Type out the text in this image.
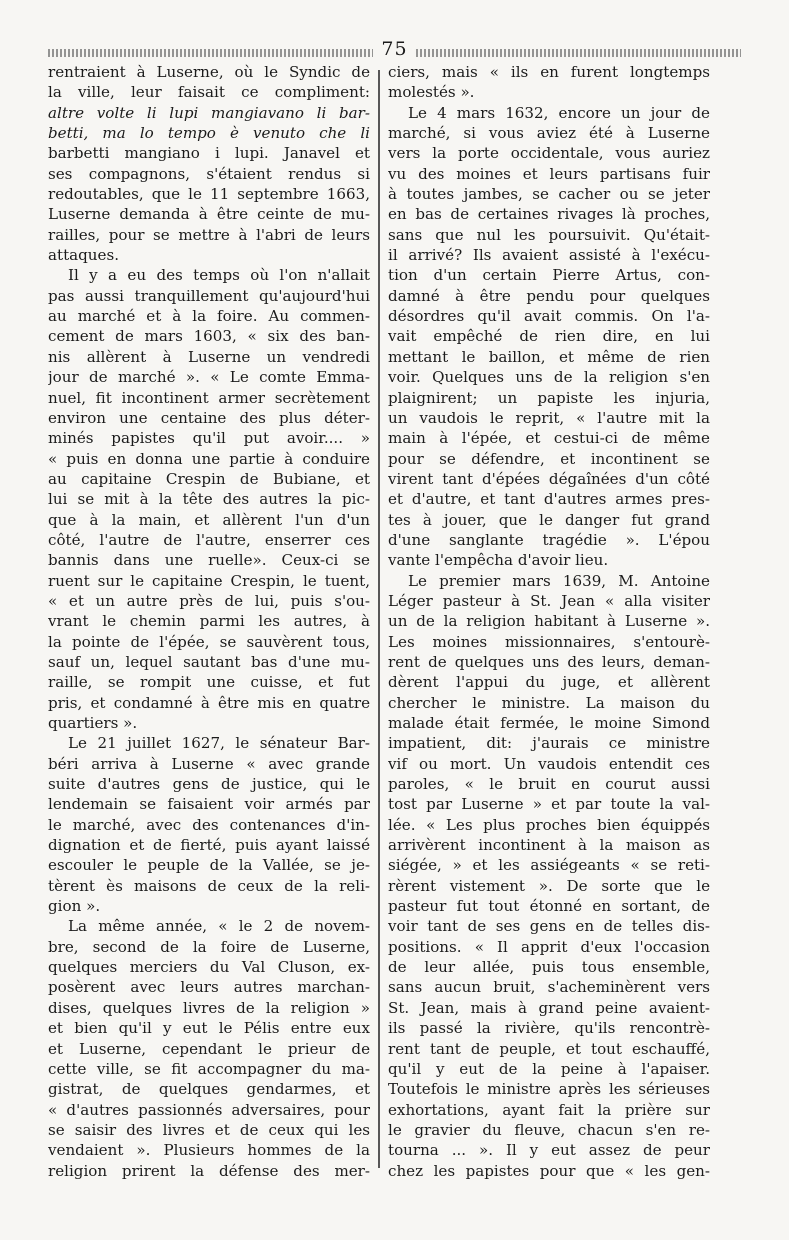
75
rentraient à Luserne, où le Syndic de
la ville, leur faisait ce compliment:
altre volte li lupi mangiavano li bar-
betti, ma lo tempo è venuto che li
barbetti mangiano i lupi. Janavel et
ses compagnons, s'étaient rendus si
redoutables, que le 11 septembre 1663,
Luserne demanda à être ceinte de mu-
railles, pour se mettre à l'abri de leurs
attaques.
Il y a eu des temps où l'on n'allait
pas aussi tranquillement qu'aujourd'hui
au marché et à la foire. Au commen-
cement de mars 1603, « six des ban-
nis allèrent à Luserne un vendredi
jour de marché ». « Le comte Emma-
nuel, fit incontinent armer secrètement
environ une centaine des plus déter-
minés papistes qu'il put avoir.... »
« puis en donna une partie à conduire
au capitaine Crespin de Bubiane, et
lui se mit à la tête des autres la pic-
que à la main, et allèrent l'un d'un
côté, l'autre de l'autre, enserrer ces
bannis dans une ruelle». Ceux-ci se
ruent sur le capitaine Crespin, le tuent,
« et un autre près de lui, puis s'ou-
vrant le chemin parmi les autres, à
la pointe de l'épée, se sauvèrent tous,
sauf un, lequel sautant bas d'une mu-
raille, se rompit une cuisse, et fut
pris, et condamné à être mis en quatre
quartiers ».
Le 21 juillet 1627, le sénateur Bar-
béri arriva à Luserne « avec grande
suite d'autres gens de justice, qui le
lendemain se faisaient voir armés par
le marché, avec des contenances d'in-
dignation et de fierté, puis ayant laissé
escouler le peuple de la Vallée, se je-
tèrent ès maisons de ceux de la reli-
gion ».
La même année, « le 2 de novem-
bre, second de la foire de Luserne,
quelques merciers du Val Cluson, ex-
posèrent avec leurs autres marchan-
dises, quelques livres de la religion »
et bien qu'il y eut le Pélis entre eux
et Luserne, cependant le prieur de
cette ville, se fit accompagner du ma-
gistrat, de quelques gendarmes, et
« d'autres passionnés adversaires, pour
se saisir des livres et de ceux qui les
vendaient ». Plusieurs hommes de la
religion prirent la défense des mer-
ciers, mais « ils en furent longtemps
molestés ».
Le 4 mars 1632, encore un jour de
marché, si vous aviez été à Luserne
vers la porte occidentale, vous auriez
vu des moines et leurs partisans fuir
à toutes jambes, se cacher ou se jeter
en bas de certaines rivages là proches,
sans que nul les poursuivit. Qu'était-
il arrivé? Ils avaient assisté à l'exécu-
tion d'un certain Pierre Artus, con-
damné à être pendu pour quelques
désordres qu'il avait commis. On l'a-
vait empêché de rien dire, en lui
mettant le baillon, et même de rien
voir. Quelques uns de la religion s'en
plaignirent; un papiste les injuria,
un vaudois le reprit, « l'autre mit la
main à l'épée, et cestui-ci de même
pour se défendre, et incontinent se
virent tant d'épées dégaînées d'un côté
et d'autre, et tant d'autres armes pres-
tes à jouer, que le danger fut grand
d'une sanglante tragédie ». L'épou
vante l'empêcha d'avoir lieu.
Le premier mars 1639, M. Antoine
Léger pasteur à St. Jean « alla visiter
un de la religion habitant à Luserne ».
Les moines missionnaires, s'entourè-
rent de quelques uns des leurs, deman-
dèrent l'appui du juge, et allèrent
chercher le ministre. La maison du
malade était fermée, le moine Simond
impatient, dit: j'aurais ce ministre
vif ou mort. Un vaudois entendit ces
paroles, « le bruit en courut aussi
tost par Luserne » et par toute la val-
lée. « Les plus proches bien équippés
arrivèrent incontinent à la maison as
siégée, » et les assiégeants « se reti-
rèrent vistement ». De sorte que le
pasteur fut tout étonné en sortant, de
voir tant de ses gens en de telles dis-
positions. « Il apprit d'eux l'occasion
de leur allée, puis tous ensemble,
sans aucun bruit, s'acheminèrent vers
St. Jean, mais à grand peine avaient-
ils passé la rivière, qu'ils rencontrè-
rent tant de peuple, et tout eschauffé,
qu'il y eut de la peine à l'apaiser.
Toutefois le ministre après les sérieuses
exhortations, ayant fait la prière sur
le gravier du fleuve, chacun s'en re-
tourna ... ». Il y eut assez de peur
chez les papistes pour que « les gen-
